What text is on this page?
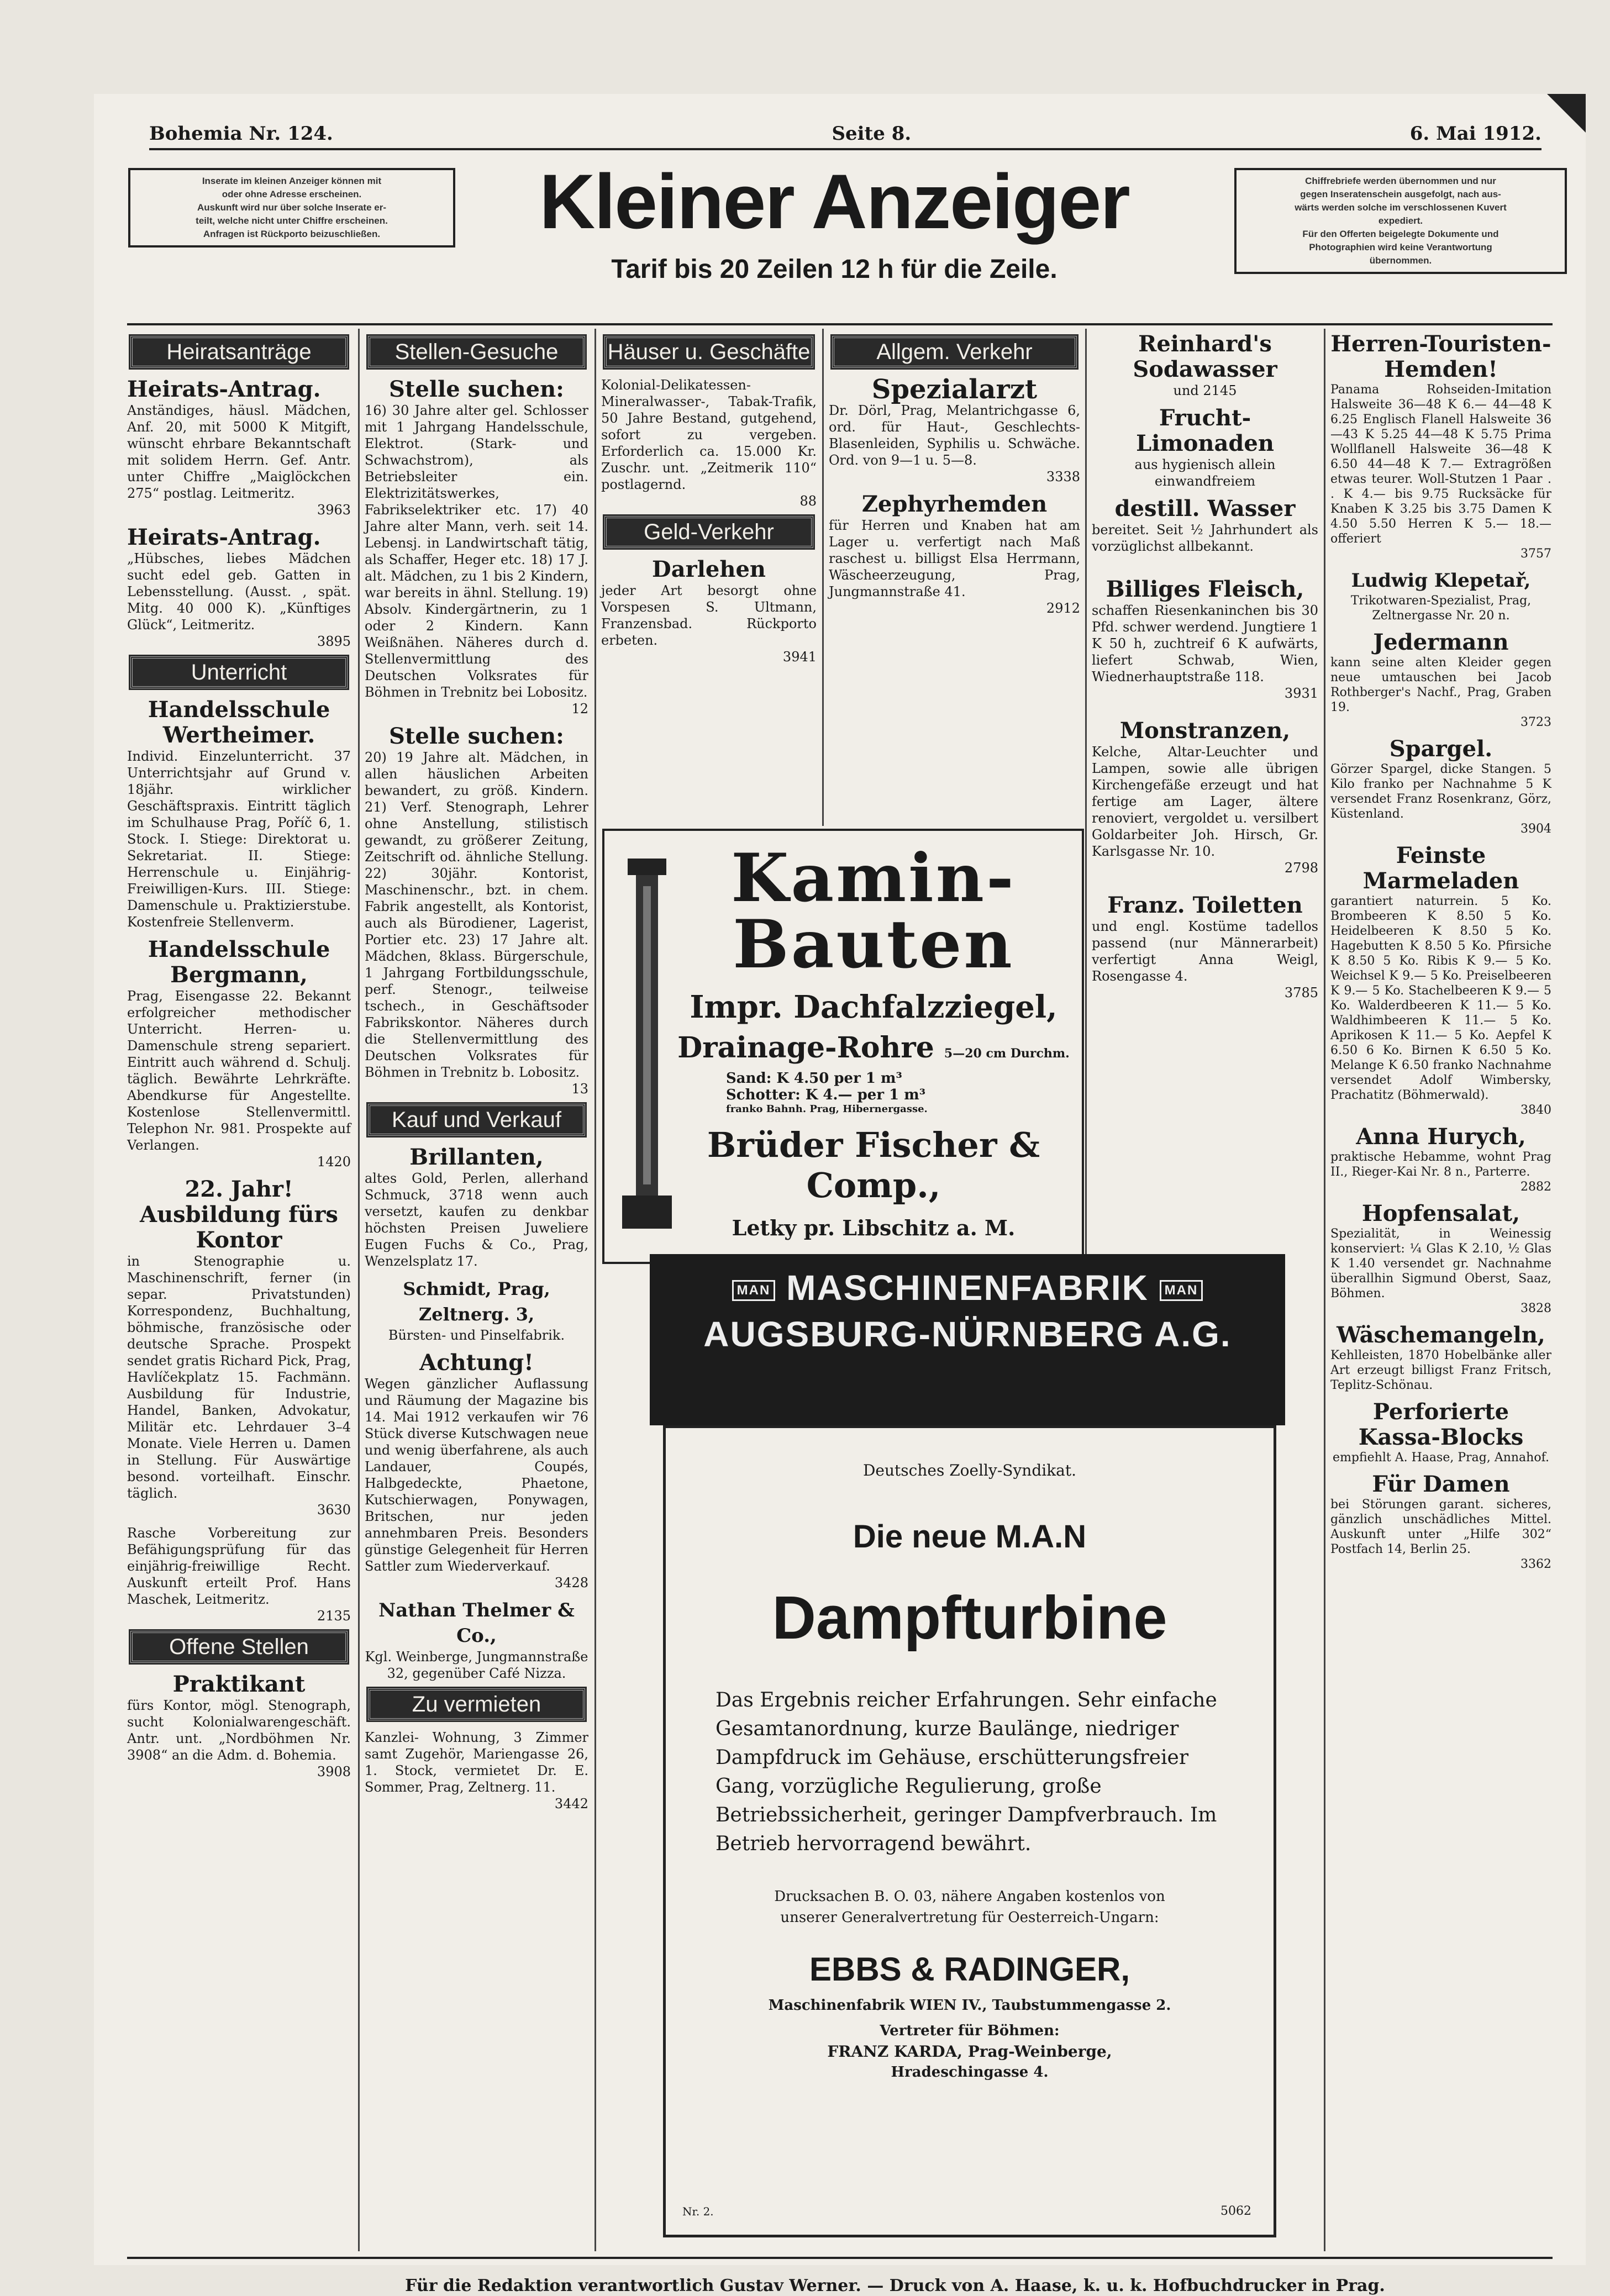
Bohemia Nr. 124.	Seite 8.	6. Mai 1912.
Inserate im kleinen Anzeiger können mit
oder ohne Adresse erscheinen.
Auskunft wird nur über solche Inserate er-
teilt, welche nicht unter Chiffre erscheinen.
Anfragen ist Rückporto beizuschließen.	Kleiner Anzeiger
Tarif bis 20 Zeilen 12 h für die Zeile.
Chiffrebriefe werden übernommen und nur
gegen Inseratenschein ausgefolgt, nach aus-
wärts werden solche im verschlossenen Kuvert
expediert.
Für den Offerten beigelegte Dokumente und
Photographien wird keine Verantwortung
übernommen.
Heiratsanträge
Heirats-Antrag.
Anständiges, häusl. Mädchen, Anf. 20, mit 5000 K Mitgift, wünscht ehrbare Bekanntschaft mit solidem Herrn. Gef. Antr. unter Chiffre „Maiglöckchen 275“ postlag. Leitmeritz.
3963
Heirats-Antrag.
„Hübsches, liebes Mädchen sucht edel geb. Gatten in Lebensstellung. (Ausst. , spät. Mitg. 40 000 K). „Künftiges Glück“, Leitmeritz.
3895
Unterricht
Handelsschule Wertheimer.
Individ. Einzelunterricht. 37 Unterrichtsjahr auf Grund v. 18jähr. wirklicher Geschäftspraxis. Eintritt täglich im Schulhause Prag, Poříč 6, 1. Stock. I. Stiege: Direktorat u. Sekretariat. II. Stiege: Herrenschule u. Einjährig-Freiwilligen-Kurs. III. Stiege: Damenschule u. Praktizierstube. Kostenfreie Stellenverm.
Handelsschule Bergmann,
Prag, Eisengasse 22. Bekannt erfolgreicher methodischer Unterricht. Herren- u. Damenschule streng separiert. Eintritt auch während d. Schulj. täglich. Bewährte Lehrkräfte. Abendkurse für Angestellte. Kostenlose Stellenvermittl. Telephon Nr. 981. Prospekte auf Verlangen.
1420
22. Jahr! Ausbildung fürs Kontor
in Stenographie u. Maschinenschrift, ferner (in separ. Privatstunden) Korrespondenz, Buchhaltung, böhmische, französische oder deutsche Sprache. Prospekt sendet gratis Richard Pick, Prag, Havlíčekplatz 15. Fachmänn. Ausbildung für Industrie, Handel, Banken, Advokatur, Militär etc. Lehrdauer 3–4 Monate. Viele Herren u. Damen in Stellung. Für Auswärtige besond. vorteilhaft. Einschr. täglich.
3630
Rasche Vorbereitung zur Befähigungsprüfung für das einjährig-freiwillige Recht. Auskunft erteilt Prof. Hans Maschek, Leitmeritz.
2135
Offene Stellen
Praktikant
fürs Kontor, mögl. Stenograph, sucht Kolonialwarengeschäft. Antr. unt. „Nordböhmen Nr. 3908“ an die Adm. d. Bohemia.
3908
Stellen-Gesuche
Stelle suchen:
16) 30 Jahre alter gel. Schlosser mit 1 Jahrgang Handelsschule, Elektrot. (Stark- und Schwachstrom), als Betriebsleiter ein. Elektrizitätswerkes, Fabrikselektriker etc. 17) 40 Jahre alter Mann, verh. seit 14. Lebensj. in Landwirtschaft tätig, als Schaffer, Heger etc. 18) 17 J. alt. Mädchen, zu 1 bis 2 Kindern, war bereits in ähnl. Stellung. 19) Absolv. Kindergärtnerin, zu 1 oder 2 Kindern. Kann Weißnähen. Näheres durch d. Stellenvermittlung des Deutschen Volksrates für Böhmen in Trebnitz bei Lobositz.
12
Stelle suchen:
20) 19 Jahre alt. Mädchen, in allen häuslichen Arbeiten bewandert, zu größ. Kindern. 21) Verf. Stenograph, Lehrer ohne Anstellung, stilistisch gewandt, zu größerer Zeitung, Zeitschrift od. ähnliche Stellung. 22) 30jähr. Kontorist, Maschinenschr., bzt. in chem. Fabrik angestellt, als Kontorist, auch als Bürodiener, Lagerist, Portier etc. 23) 17 Jahre alt. Mädchen, 8klass. Bürgerschule, 1 Jahrgang Fortbildungsschule, perf. Stenogr., teilweise tschech., in Geschäftsoder Fabrikskontor. Näheres durch die Stellenvermittlung des Deutschen Volksrates für Böhmen in Trebnitz b. Lobositz.
13
Kauf und Verkauf
Brillanten,
altes Gold, Perlen, allerhand Schmuck, 3718 wenn auch versetzt, kaufen zu denkbar höchsten Preisen Juweliere Eugen Fuchs & Co., Prag, Wenzelsplatz 17.
Schmidt, Prag, Zeltnerg. 3,
Bürsten- und Pinselfabrik.
Achtung!
Wegen gänzlicher Auflassung und Räumung der Magazine bis 14. Mai 1912 verkaufen wir 76 Stück diverse Kutschwagen neue und wenig überfahrene, als auch Landauer, Coupés, Halbgedeckte, Phaetone, Kutschierwagen, Ponywagen, Britschen, nur jeden annehmbaren Preis. Besonders günstige Gelegenheit für Herren Sattler zum Wiederverkauf.
3428
Nathan Thelmer & Co.,
Kgl. Weinberge, Jungmannstraße 32, gegenüber Café Nizza.
Zu vermieten
Kanzlei- Wohnung, 3 Zimmer samt Zugehör, Mariengasse 26, 1. Stock, vermietet Dr. E. Sommer, Prag, Zeltnerg. 11.
3442
Häuser u. Geschäfte
Kolonial-Delikatessen-Mineralwasser-, Tabak-Trafik, 50 Jahre Bestand, gutgehend, sofort zu vergeben. Erforderlich ca. 15.000 Kr. Zuschr. unt. „Zeitmerik 110“ postlagernd.
88
Geld-Verkehr
Darlehen
jeder Art besorgt ohne Vorspesen S. Ultmann, Franzensbad. Rückporto erbeten.
3941
Allgem. Verkehr
Spezialarzt
Dr. Dörl, Prag, Melantrichgasse 6, ord. für Haut-, Geschlechts- Blasenleiden, Syphilis u. Schwäche. Ord. von 9—1 u. 5—8.
3338
Zephyrhemden
für Herren und Knaben hat am Lager u. verfertigt nach Maß raschest u. billigst Elsa Herrmann, Wäscheerzeugung, Prag, Jungmannstraße 41.
2912
Kamin-
Bauten
Impr. Dachfalzziegel,
Drainage-Rohre 5—20 cm Durchm.
Sand: K 4.50 per 1 m³
Schotter: K 4.— per 1 m³
franko Bahnh. Prag, Hibernergasse.
Brüder Fischer & Comp.,
Letky pr. Libschitz a. M.
MAN MASCHINENFABRIK MAN
AUGSBURG-NÜRNBERG A.G.
Deutsches Zoelly-Syndikat.
Die neue M.A.N
Dampfturbine
Das Ergebnis reicher Erfahrungen. Sehr einfache Gesamtanordnung, kurze Baulänge, niedriger Dampfdruck im Gehäuse, erschütterungsfreier Gang, vorzügliche Regulierung, große Betriebssicherheit, geringer Dampfverbrauch. Im Betrieb hervorragend bewährt.
Drucksachen B. O. 03, nähere Angaben kostenlos von unserer Generalvertretung für Oesterreich-Ungarn:
EBBS & RADINGER,
Maschinenfabrik WIEN IV., Taubstummengasse 2.
Vertreter für Böhmen:
FRANZ KARDA, Prag-Weinberge,
Hradeschingasse 4.
Nr. 2.	5062
Reinhard's Sodawasser
und 2145
Frucht-Limonaden
aus hygienisch allein einwandfreiem
destill. Wasser
bereitet. Seit ½ Jahrhundert als vorzüglichst allbekannt.
Billiges Fleisch,
schaffen Riesenkaninchen bis 30 Pfd. schwer werdend. Jungtiere 1 K 50 h, zuchtreif 6 K aufwärts, liefert Schwab, Wien, Wiednerhauptstraße 118.
3931
Monstranzen,
Kelche, Altar-Leuchter und Lampen, sowie alle übrigen Kirchengefäße erzeugt und hat fertige am Lager, ältere renoviert, vergoldet u. versilbert Goldarbeiter Joh. Hirsch, Gr. Karlsgasse Nr. 10.
2798
Franz. Toiletten
und engl. Kostüme tadellos passend (nur Männerarbeit) verfertigt Anna Weigl, Rosengasse 4.
3785
Herren-Touristen-Hemden!
Panama Rohseiden-Imitation Halsweite 36—48 K 6.— 44—48 K 6.25 Englisch Flanell Halsweite 36—43 K 5.25 44—48 K 5.75 Prima Wollflanell Halsweite 36—48 K 6.50 44—48 K 7.— Extragrößen etwas teurer. Woll-Stutzen 1 Paar . . K 4.— bis 9.75 Rucksäcke für Knaben K 3.25 bis 3.75 Damen K 4.50 5.50 Herren K 5.— 18.— offeriert
3757
Ludwig Klepetař,
Trikotwaren-Spezialist, Prag, Zeltnergasse Nr. 20 n.
Jedermann
kann seine alten Kleider gegen neue umtauschen bei Jacob Rothberger's Nachf., Prag, Graben 19.
3723
Spargel.
Görzer Spargel, dicke Stangen. 5 Kilo franko per Nachnahme 5 K versendet Franz Rosenkranz, Görz, Küstenland.
3904
Feinste Marmeladen
garantiert naturrein. 5 Ko. Brombeeren K 8.50 5 Ko. Heidelbeeren K 8.50 5 Ko. Hagebutten K 8.50 5 Ko. Pfirsiche K 8.50 5 Ko. Ribis K 9.— 5 Ko. Weichsel K 9.— 5 Ko. Preiselbeeren K 9.— 5 Ko. Stachelbeeren K 9.— 5 Ko. Walderdbeeren K 11.— 5 Ko. Waldhimbeeren K 11.— 5 Ko. Aprikosen K 11.— 5 Ko. Aepfel K 6.50 6 Ko. Birnen K 6.50 5 Ko. Melange K 6.50 franko Nachnahme versendet Adolf Wimbersky, Prachatitz (Böhmerwald).
3840
Anna Hurych,
praktische Hebamme, wohnt Prag II., Rieger-Kai Nr. 8 n., Parterre.
2882
Hopfensalat,
Spezialität, in Weinessig konserviert: ¼ Glas K 2.10, ½ Glas K 1.40 versendet gr. Nachnahme überallhin Sigmund Oberst, Saaz, Böhmen.
3828
Wäschemangeln,
Kehlleisten, 1870 Hobelbänke aller Art erzeugt billigst Franz Fritsch, Teplitz-Schönau.
Perforierte Kassa-Blocks
empfiehlt A. Haase, Prag, Annahof.
Für Damen
bei Störungen garant. sicheres, gänzlich unschädliches Mittel. Auskunft unter „Hilfe 302“ Postfach 14, Berlin 25.
3362
Für die Redaktion verantwortlich Gustav Werner. — Druck von A. Haase, k. u. k. Hofbuchdrucker in Prag.
